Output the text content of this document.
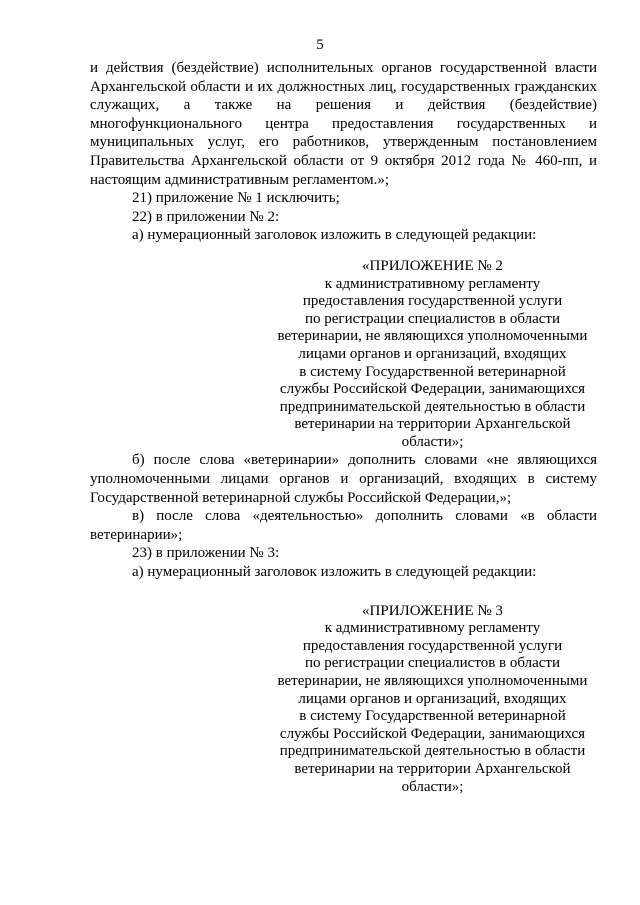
5

и действия (бездействие) исполнительных органов государственной власти Архангельской области и их должностных лиц, государственных гражданских служащих, а также на решения и действия (бездействие) многофункционального центра предоставления государственных и муниципальных услуг, его работников, утвержденным постановлением Правительства Архангельской области от 9 октября 2012 года № 460-пп, и настоящим административным регламентом.»;

21) приложение № 1 исключить;

22) в приложении № 2:

а) нумерационный заголовок изложить в следующей редакции:

«ПРИЛОЖЕНИЕ № 2
к административному регламенту
предоставления государственной услуги
по регистрации специалистов в области
ветеринарии, не являющихся уполномоченными
лицами органов и организаций, входящих
в систему Государственной ветеринарной
службы Российской Федерации, занимающихся
предпринимательской деятельностью в области
ветеринарии на территории Архангельской
области»;

б) после слова «ветеринарии» дополнить словами «не являющихся уполномоченными лицами органов и организаций, входящих в систему Государственной ветеринарной службы Российской Федерации,»;

в) после слова «деятельностью» дополнить словами «в области ветеринарии»;

23) в приложении № 3:

а) нумерационный заголовок изложить в следующей редакции:

«ПРИЛОЖЕНИЕ № 3
к административному регламенту
предоставления государственной услуги
по регистрации специалистов в области
ветеринарии, не являющихся уполномоченными
лицами органов и организаций, входящих
в систему Государственной ветеринарной
службы Российской Федерации, занимающихся
предпринимательской деятельностью в области
ветеринарии на территории Архангельской
области»;
